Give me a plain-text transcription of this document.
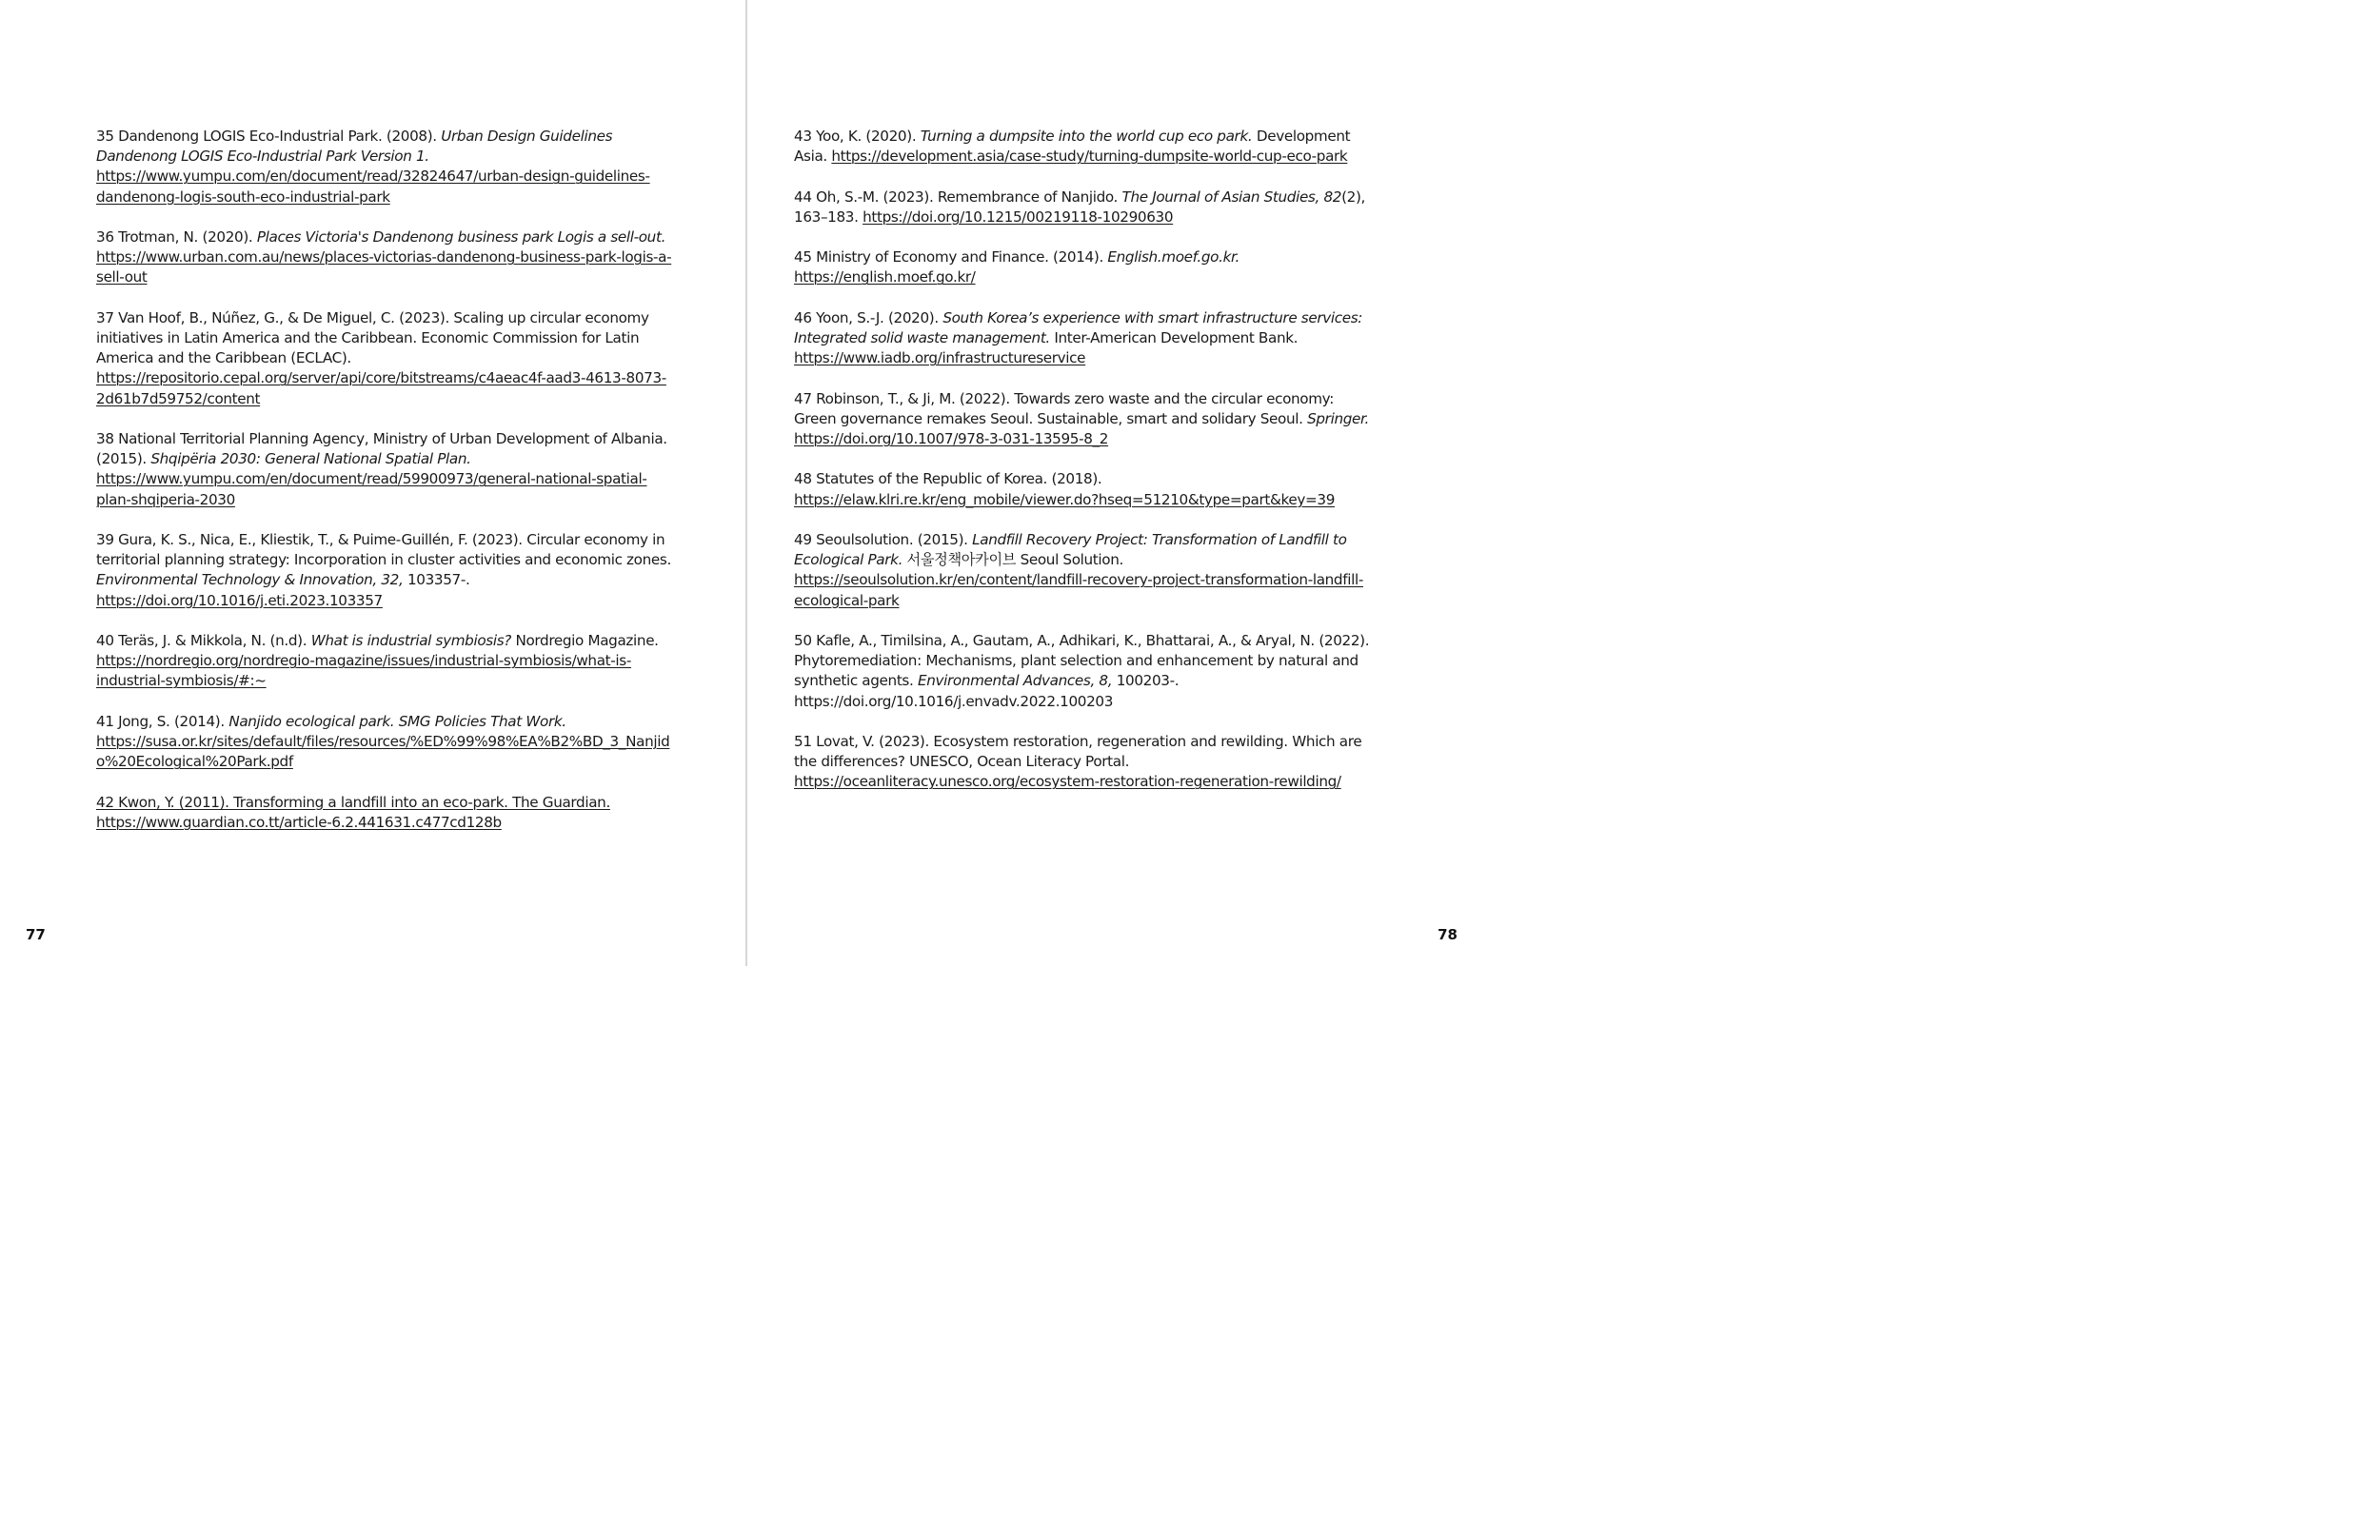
35 Dandenong LOGIS Eco-Industrial Park. (2008). Urban Design Guidelines Dandenong LOGIS Eco-Industrial Park Version 1. https://www.yumpu.com/en/document/read/32824647/urban-design-guidelines-dandenong-logis-south-eco-industrial-park

36 Trotman, N. (2020). Places Victoria's Dandenong business park Logis a sell-out. https://www.urban.com.au/news/places-victorias-dandenong-business-park-logis-a-sell-out

37 Van Hoof, B., Núñez, G., & De Miguel, C. (2023). Scaling up circular economy initiatives in Latin America and the Caribbean. Economic Commission for Latin America and the Caribbean (ECLAC). https://repositorio.cepal.org/server/api/core/bitstreams/c4aeac4f-aad3-4613-8073-2d61b7d59752/content

38 National Territorial Planning Agency, Ministry of Urban Development of Albania. (2015). Shqipëria 2030: General National Spatial Plan. https://www.yumpu.com/en/document/read/59900973/general-national-spatial-plan-shqiperia-2030

39 Gura, K. S., Nica, E., Kliestik, T., & Puime-Guillén, F. (2023). Circular economy in territorial planning strategy: Incorporation in cluster activities and economic zones. Environmental Technology & Innovation, 32, 103357-. https://doi.org/10.1016/j.eti.2023.103357

40 Teräs, J. & Mikkola, N. (n.d). What is industrial symbiosis? Nordregio Magazine. https://nordregio.org/nordregio-magazine/issues/industrial-symbiosis/what-is-industrial-symbiosis/#:~

41 Jong, S. (2014). Nanjido ecological park. SMG Policies That Work. https://susa.or.kr/sites/default/files/resources/%ED%99%98%EA%B2%BD_3_Nanjido%20Ecological%20Park.pdf

42 Kwon, Y. (2011). Transforming a landfill into an eco-park. The Guardian. https://www.guardian.co.tt/article-6.2.441631.c477cd128b

77

43 Yoo, K. (2020). Turning a dumpsite into the world cup eco park. Development Asia. https://development.asia/case-study/turning-dumpsite-world-cup-eco-park

44 Oh, S.-M. (2023). Remembrance of Nanjido. The Journal of Asian Studies, 82(2), 163–183. https://doi.org/10.1215/00219118-10290630

45 Ministry of Economy and Finance. (2014). English.moef.go.kr. https://english.moef.go.kr/

46 Yoon, S.-J. (2020). South Korea’s experience with smart infrastructure services: Integrated solid waste management. Inter-American Development Bank. https://www.iadb.org/infrastructureservice

47 Robinson, T., & Ji, M. (2022). Towards zero waste and the circular economy: Green governance remakes Seoul. Sustainable, smart and solidary Seoul. Springer. https://doi.org/10.1007/978-3-031-13595-8_2

48 Statutes of the Republic of Korea. (2018). https://elaw.klri.re.kr/eng_mobile/viewer.do?hseq=51210&type=part&key=39

49 Seoulsolution. (2015). Landfill Recovery Project: Transformation of Landfill to Ecological Park. 서울정책아카이브 Seoul Solution. https://seoulsolution.kr/en/content/landfill-recovery-project-transformation-landfill-ecological-park

50 Kafle, A., Timilsina, A., Gautam, A., Adhikari, K., Bhattarai, A., & Aryal, N. (2022). Phytoremediation: Mechanisms, plant selection and enhancement by natural and synthetic agents. Environmental Advances, 8, 100203-. https://doi.org/10.1016/j.envadv.2022.100203

51 Lovat, V. (2023). Ecosystem restoration, regeneration and rewilding. Which are the differences? UNESCO, Ocean Literacy Portal. https://oceanliteracy.unesco.org/ecosystem-restoration-regeneration-rewilding/

78
